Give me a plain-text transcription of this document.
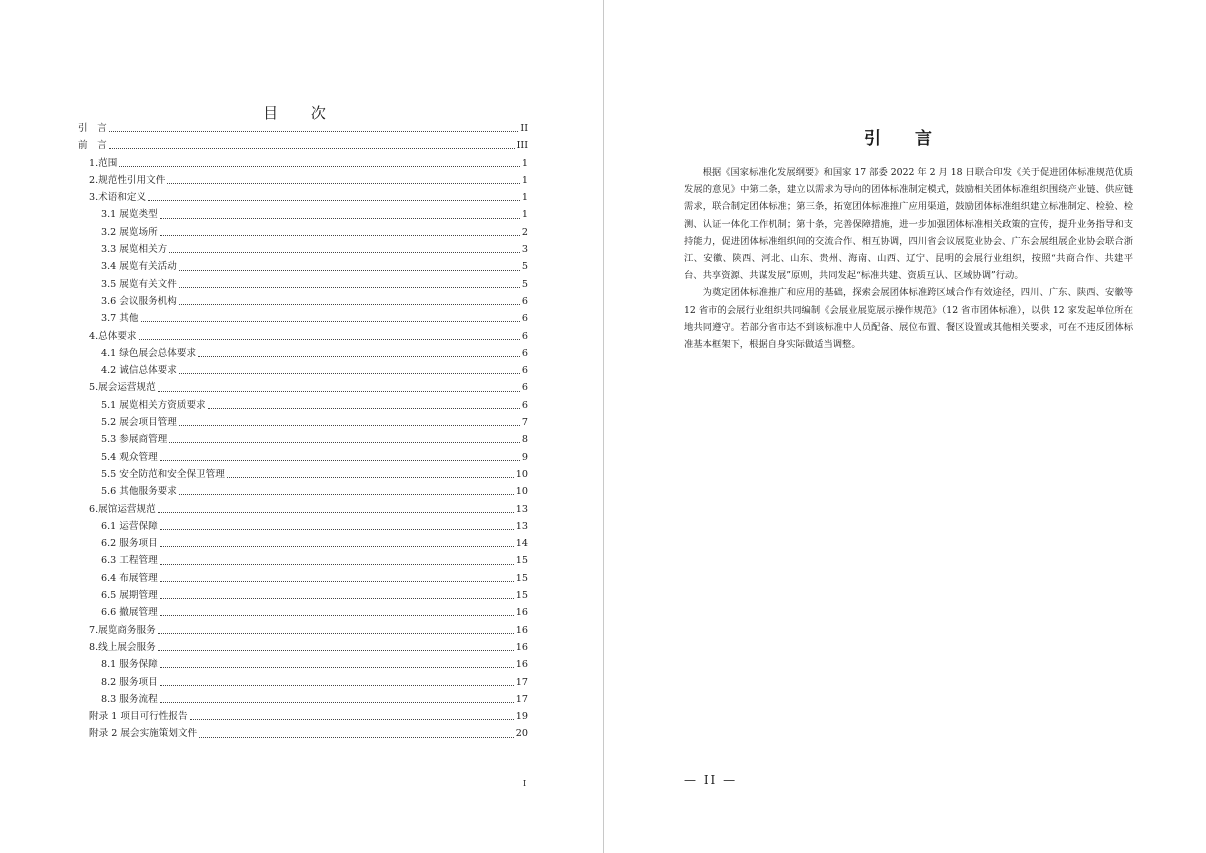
目 次
引　言	II
前　言	III
1.范围	1
2.规范性引用文件	1
3.术语和定义	1
3.1 展览类型	1
3.2 展览场所	2
3.3 展览相关方	3
3.4 展览有关活动	5
3.5 展览有关文件	5
3.6 会议服务机构	6
3.7 其他	6
4.总体要求	6
4.1 绿色展会总体要求	6
4.2 诚信总体要求	6
5.展会运营规范	6
5.1 展览相关方资质要求	6
5.2 展会项目管理	7
5.3 参展商管理	8
5.4 观众管理	9
5.5 安全防范和安全保卫管理	10
5.6 其他服务要求	10
6.展馆运营规范	13
6.1 运营保障	13
6.2 服务项目	14
6.3 工程管理	15
6.4 布展管理	15
6.5 展期管理	15
6.6 撤展管理	16
7.展览商务服务	16
8.线上展会服务	16
8.1 服务保障	16
8.2 服务项目	17
8.3 服务流程	17
附录 1 项目可行性报告	19
附录 2 展会实施策划文件	20
I
引 言

根据《国家标准化发展纲要》和国家 17 部委 2022 年 2 月 18 日联合印发《关于促进团体标准规范优质发展的意见》中第二条，建立以需求为导向的团体标准制定模式，鼓励相关团体标准组织围绕产业链、供应链需求，联合制定团体标准；第三条，拓宽团体标准推广应用渠道，鼓励团体标准组织建立标准制定、检验、检测、认证一体化工作机制；第十条，完善保障措施，进一步加强团体标准相关政策的宣传，提升业务指导和支持能力，促进团体标准组织间的交流合作、相互协调，四川省会议展览业协会、广东会展组展企业协会联合浙江、安徽、陕西、河北、山东、贵州、海南、山西、辽宁、昆明的会展行业组织，按照“共商合作、共建平台、共享资源、共谋发展”原则，共同发起“标准共建、资质互认、区域协调”行动。

为奠定团体标准推广和应用的基础，探索会展团体标准跨区域合作有效途径，四川、广东、陕西、安徽等 12 省市的会展行业组织共同编制《会展业展览展示操作规范》（12 省市团体标准），以供 12 家发起单位所在地共同遵守。若部分省市达不到该标准中人员配备、展位布置、餐区设置或其他相关要求，可在不违反团体标准基本框架下，根据自身实际做适当调整。

— II —
